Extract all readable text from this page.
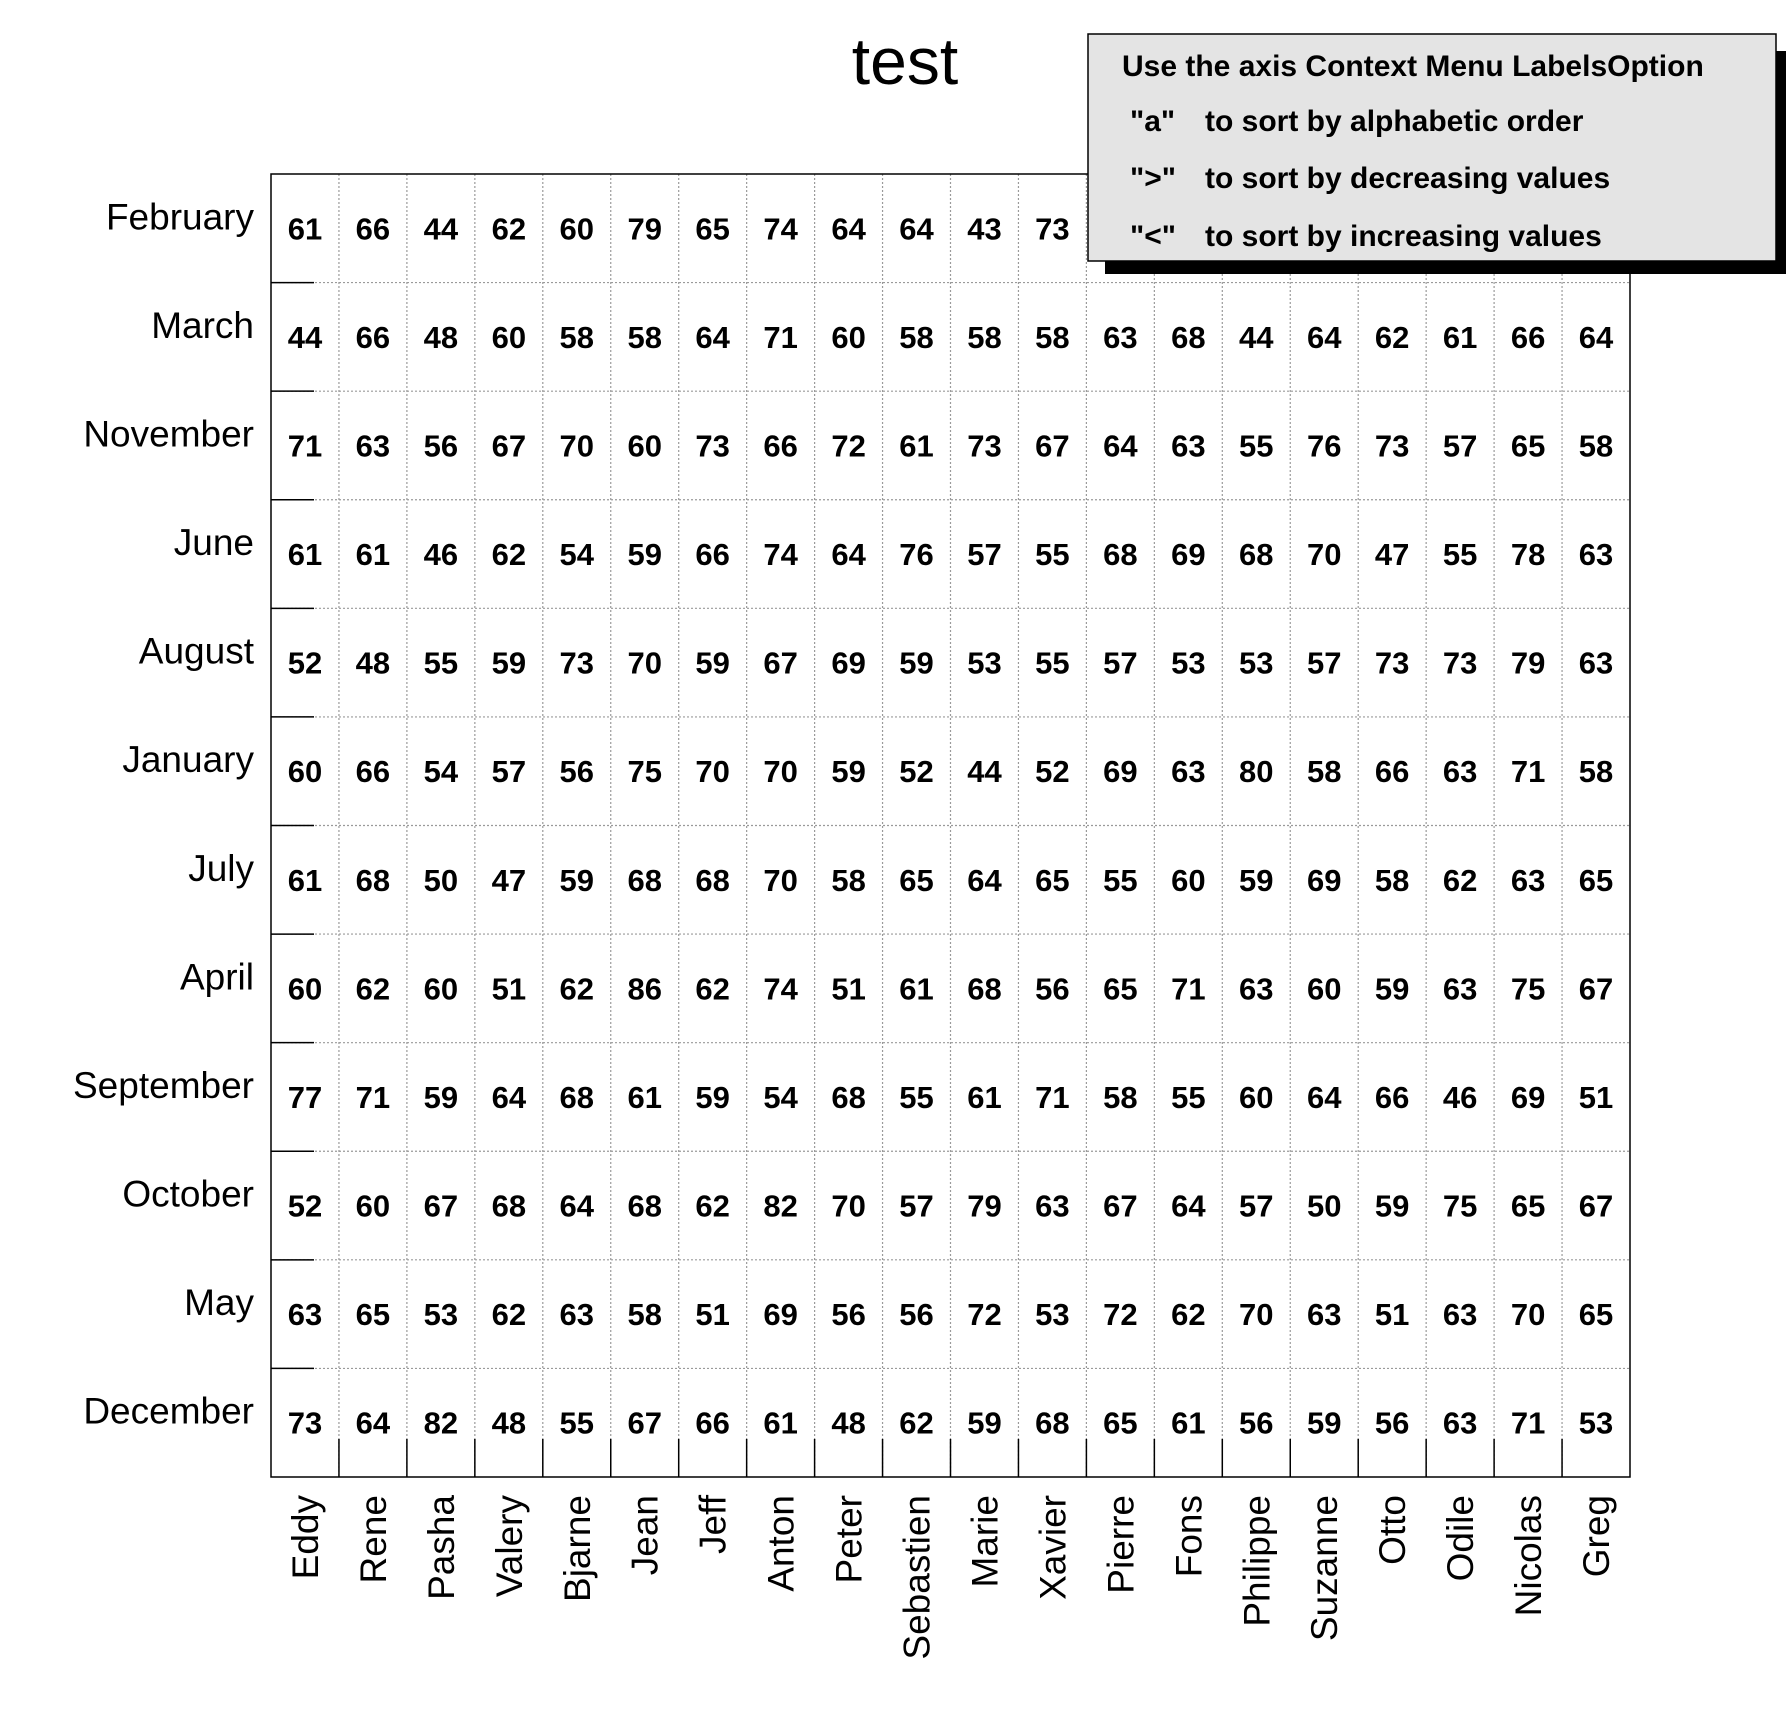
test
61 66 44 62 60 79 65 74 64 64 43 73
44 66 48 60 58 58 64 71 60 58 58 58 63 68 44 64 62 61 66 64
71 63 56 67 70 60 73 66 72 61 73 67 64 63 55 76 73 57 65 58
61 61 46 62 54 59 66 74 64 76 57 55 68 69 68 70 47 55 78 63
52 48 55 59 73 70 59 67 69 59 53 55 57 53 53 57 73 73 79 63
60 66 54 57 56 75 70 70 59 52 44 52 69 63 80 58 66 63 71 58
61 68 50 47 59 68 68 70 58 65 64 65 55 60 59 69 58 62 63 65
60 62 60 51 62 86 62 74 51 61 68 56 65 71 63 60 59 63 75 67
77 71 59 64 68 61 59 54 68 55 61 71 58 55 60 64 66 46 69 51
52 60 67 68 64 68 62 82 70 57 79 63 67 64 57 50 59 75 65 67
63 65 53 62 63 58 51 69 56 56 72 53 72 62 70 63 51 63 70 65
73 64 82 48 55 67 66 61 48 62 59 68 65 61 56 59 56 63 71 53
February
March
November
June
August
January
July
April
September
October
May
December
Eddy Rene Pasha Valery Bjarne Jean Jeff Anton Peter Sebastien Marie Xavier Pierre Fons Philippe Suzanne Otto Odile Nicolas Greg
Use the axis Context Menu LabelsOption
"a" to sort by alphabetic order
">" to sort by decreasing values
"<" to sort by increasing values
